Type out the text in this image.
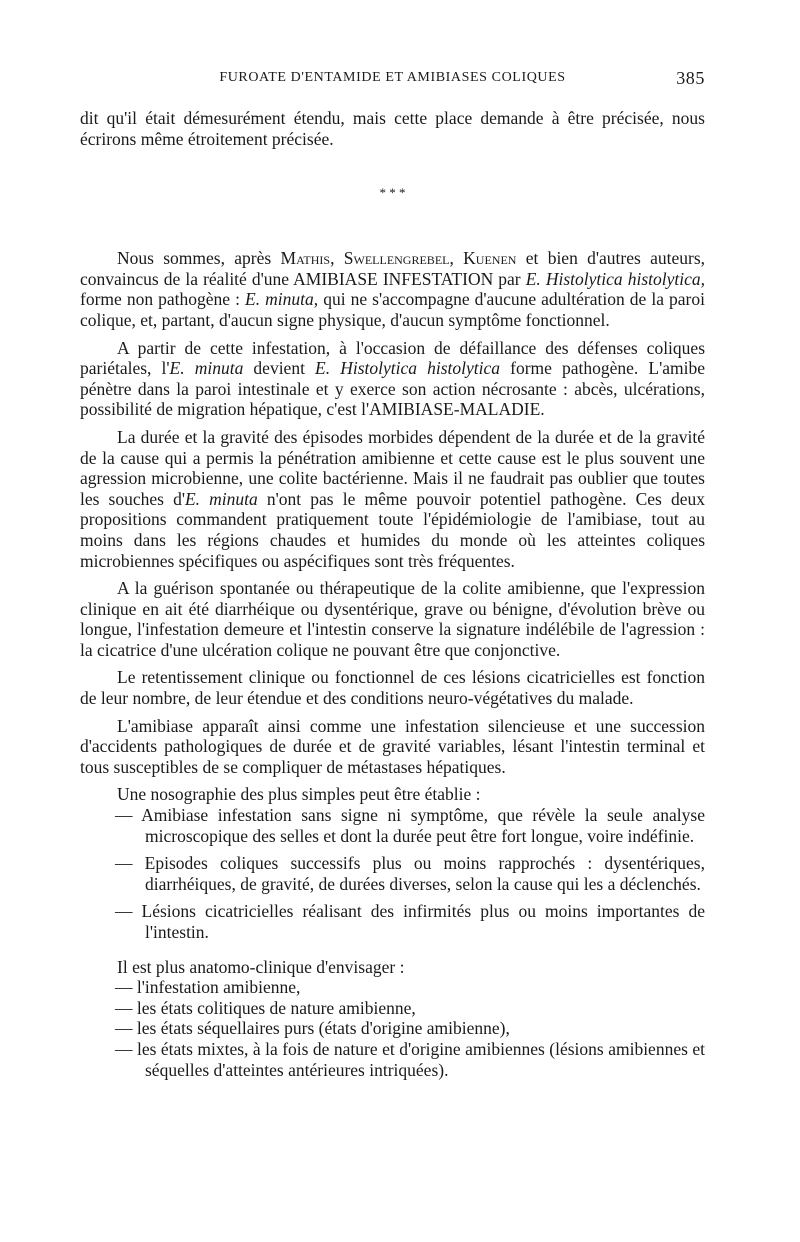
FUROATE D'ENTAMIDE ET AMIBIASES COLIQUES	385

dit qu'il était démesurément étendu, mais cette place demande à être précisée, nous écrirons même étroitement précisée.

* * *

Nous sommes, après Mathis, Swellengrebel, Kuenen et bien d'autres auteurs, convaincus de la réalité d'une AMIBIASE INFESTATION par E. Histolytica histolytica, forme non pathogène : E. minuta, qui ne s'accompagne d'aucune adultération de la paroi colique, et, partant, d'aucun signe physique, d'aucun symptôme fonctionnel.

A partir de cette infestation, à l'occasion de défaillance des défenses coliques pariétales, l'E. minuta devient E. Histolytica histolytica forme pathogène. L'amibe pénètre dans la paroi intestinale et y exerce son action nécrosante : abcès, ulcérations, possibilité de migration hépatique, c'est l'AMIBIASE-MALADIE.

La durée et la gravité des épisodes morbides dépendent de la durée et de la gravité de la cause qui a permis la pénétration amibienne et cette cause est le plus souvent une agression microbienne, une colite bactérienne. Mais il ne faudrait pas oublier que toutes les souches d'E. minuta n'ont pas le même pouvoir potentiel pathogène. Ces deux propositions commandent pratiquement toute l'épidémiologie de l'amibiase, tout au moins dans les régions chaudes et humides du monde où les atteintes coliques microbiennes spécifiques ou aspécifiques sont très fréquentes.

A la guérison spontanée ou thérapeutique de la colite amibienne, que l'expression clinique en ait été diarrhéique ou dysentérique, grave ou bénigne, d'évolution brève ou longue, l'infestation demeure et l'intestin conserve la signature indélébile de l'agression : la cicatrice d'une ulcération colique ne pouvant être que conjonctive.

Le retentissement clinique ou fonctionnel de ces lésions cicatricielles est fonction de leur nombre, de leur étendue et des conditions neuro-végétatives du malade.

L'amibiase apparaît ainsi comme une infestation silencieuse et une succession d'accidents pathologiques de durée et de gravité variables, lésant l'intestin terminal et tous susceptibles de se compliquer de métastases hépatiques.

Une nosographie des plus simples peut être établie :

— Amibiase infestation sans signe ni symptôme, que révèle la seule analyse microscopique des selles et dont la durée peut être fort longue, voire indéfinie.

— Episodes coliques successifs plus ou moins rapprochés : dysentériques, diarrhéiques, de gravité, de durées diverses, selon la cause qui les a déclenchés.

— Lésions cicatricielles réalisant des infirmités plus ou moins importantes de l'intestin.

Il est plus anatomo-clinique d'envisager :

— l'infestation amibienne,

— les états colitiques de nature amibienne,

— les états séquellaires purs (états d'origine amibienne),

— les états mixtes, à la fois de nature et d'origine amibiennes (lésions amibiennes et séquelles d'atteintes antérieures intriquées).
